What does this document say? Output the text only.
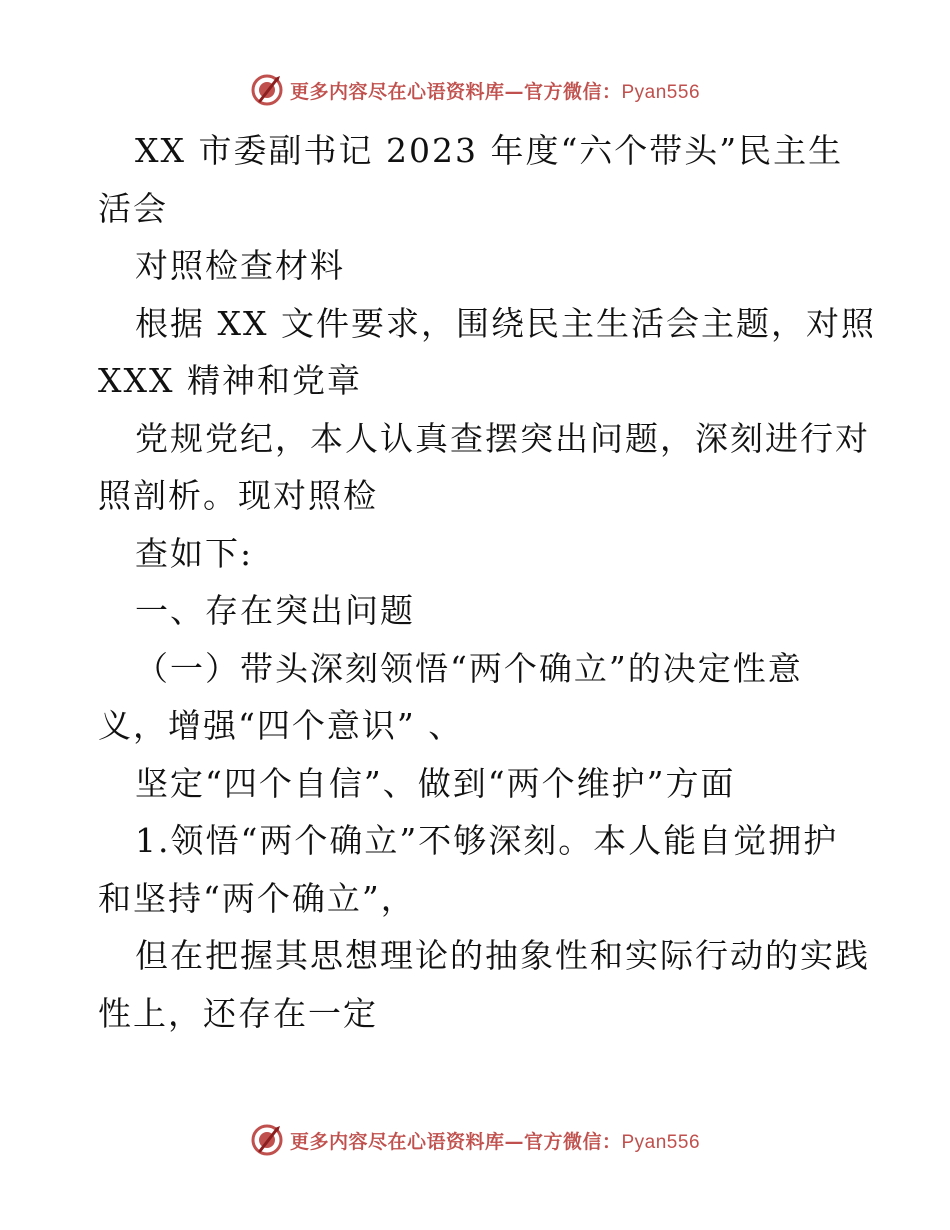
更多内容尽在心语资料库—官方微信：Pyan556
XX 市委副书记 2023 年度“六个带头”民主生
活会
对照检查材料
根据 XX 文件要求，围绕民主生活会主题，对照
XXX 精神和党章
党规党纪，本人认真查摆突出问题，深刻进行对
照剖析。现对照检
查如下:
一、存在突出问题
（一）带头深刻领悟“两个确立”的决定性意
义，增强“四个意识” 、
坚定“四个自信”、做到“两个维护”方面
1.领悟“两个确立”不够深刻。本人能自觉拥护
和坚持“两个确立”，
但在把握其思想理论的抽象性和实际行动的实践
性上，还存在一定
更多内容尽在心语资料库—官方微信：Pyan556
